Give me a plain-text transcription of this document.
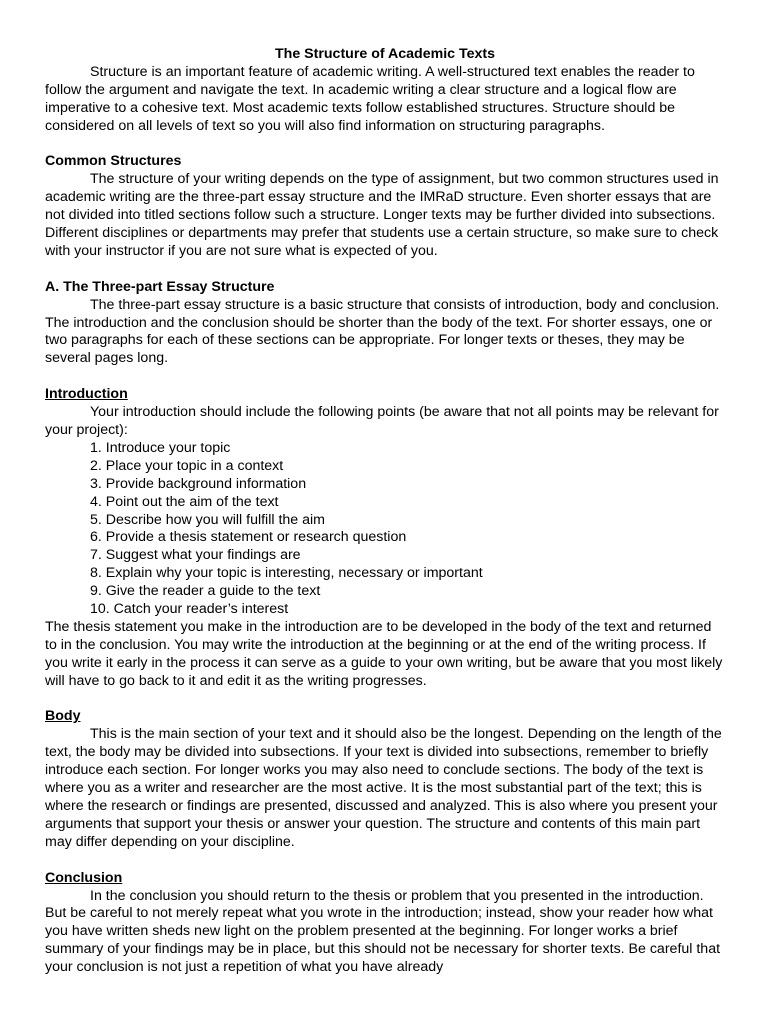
The Structure of Academic Texts

Structure is an important feature of academic writing. A well-structured text enables the reader to follow the argument and navigate the text. In academic writing a clear structure and a logical flow are imperative to a cohesive text. Most academic texts follow established structures. Structure should be considered on all levels of text so you will also find information on structuring paragraphs.

Common Structures

The structure of your writing depends on the type of assignment, but two common structures used in academic writing are the three-part essay structure and the IMRaD structure. Even shorter essays that are not divided into titled sections follow such a structure. Longer texts may be further divided into subsections. Different disciplines or departments may prefer that students use a certain structure, so make sure to check with your instructor if you are not sure what is expected of you.

A. The Three-part Essay Structure

The three-part essay structure is a basic structure that consists of introduction, body and conclusion. The introduction and the conclusion should be shorter than the body of the text. For shorter essays, one or two paragraphs for each of these sections can be appropriate. For longer texts or theses, they may be several pages long.

Introduction

Your introduction should include the following points (be aware that not all points may be relevant for your project):

1. Introduce your topic
2. Place your topic in a context
3. Provide background information
4. Point out the aim of the text
5. Describe how you will fulfill the aim
6. Provide a thesis statement or research question
7. Suggest what your findings are
8. Explain why your topic is interesting, necessary or important
9. Give the reader a guide to the text
10. Catch your reader’s interest

The thesis statement you make in the introduction are to be developed in the body of the text and returned to in the conclusion. You may write the introduction at the beginning or at the end of the writing process. If you write it early in the process it can serve as a guide to your own writing, but be aware that you most likely will have to go back to it and edit it as the writing progresses.

Body

This is the main section of your text and it should also be the longest. Depending on the length of the text, the body may be divided into subsections. If your text is divided into subsections, remember to briefly introduce each section. For longer works you may also need to conclude sections. The body of the text is where you as a writer and researcher are the most active. It is the most substantial part of the text; this is where the research or findings are presented, discussed and analyzed. This is also where you present your arguments that support your thesis or answer your question. The structure and contents of this main part may differ depending on your discipline.

Conclusion

In the conclusion you should return to the thesis or problem that you presented in the introduction. But be careful to not merely repeat what you wrote in the introduction; instead, show your reader how what you have written sheds new light on the problem presented at the beginning. For longer works a brief summary of your findings may be in place, but this should not be necessary for shorter texts. Be careful that your conclusion is not just a repetition of what you have already
